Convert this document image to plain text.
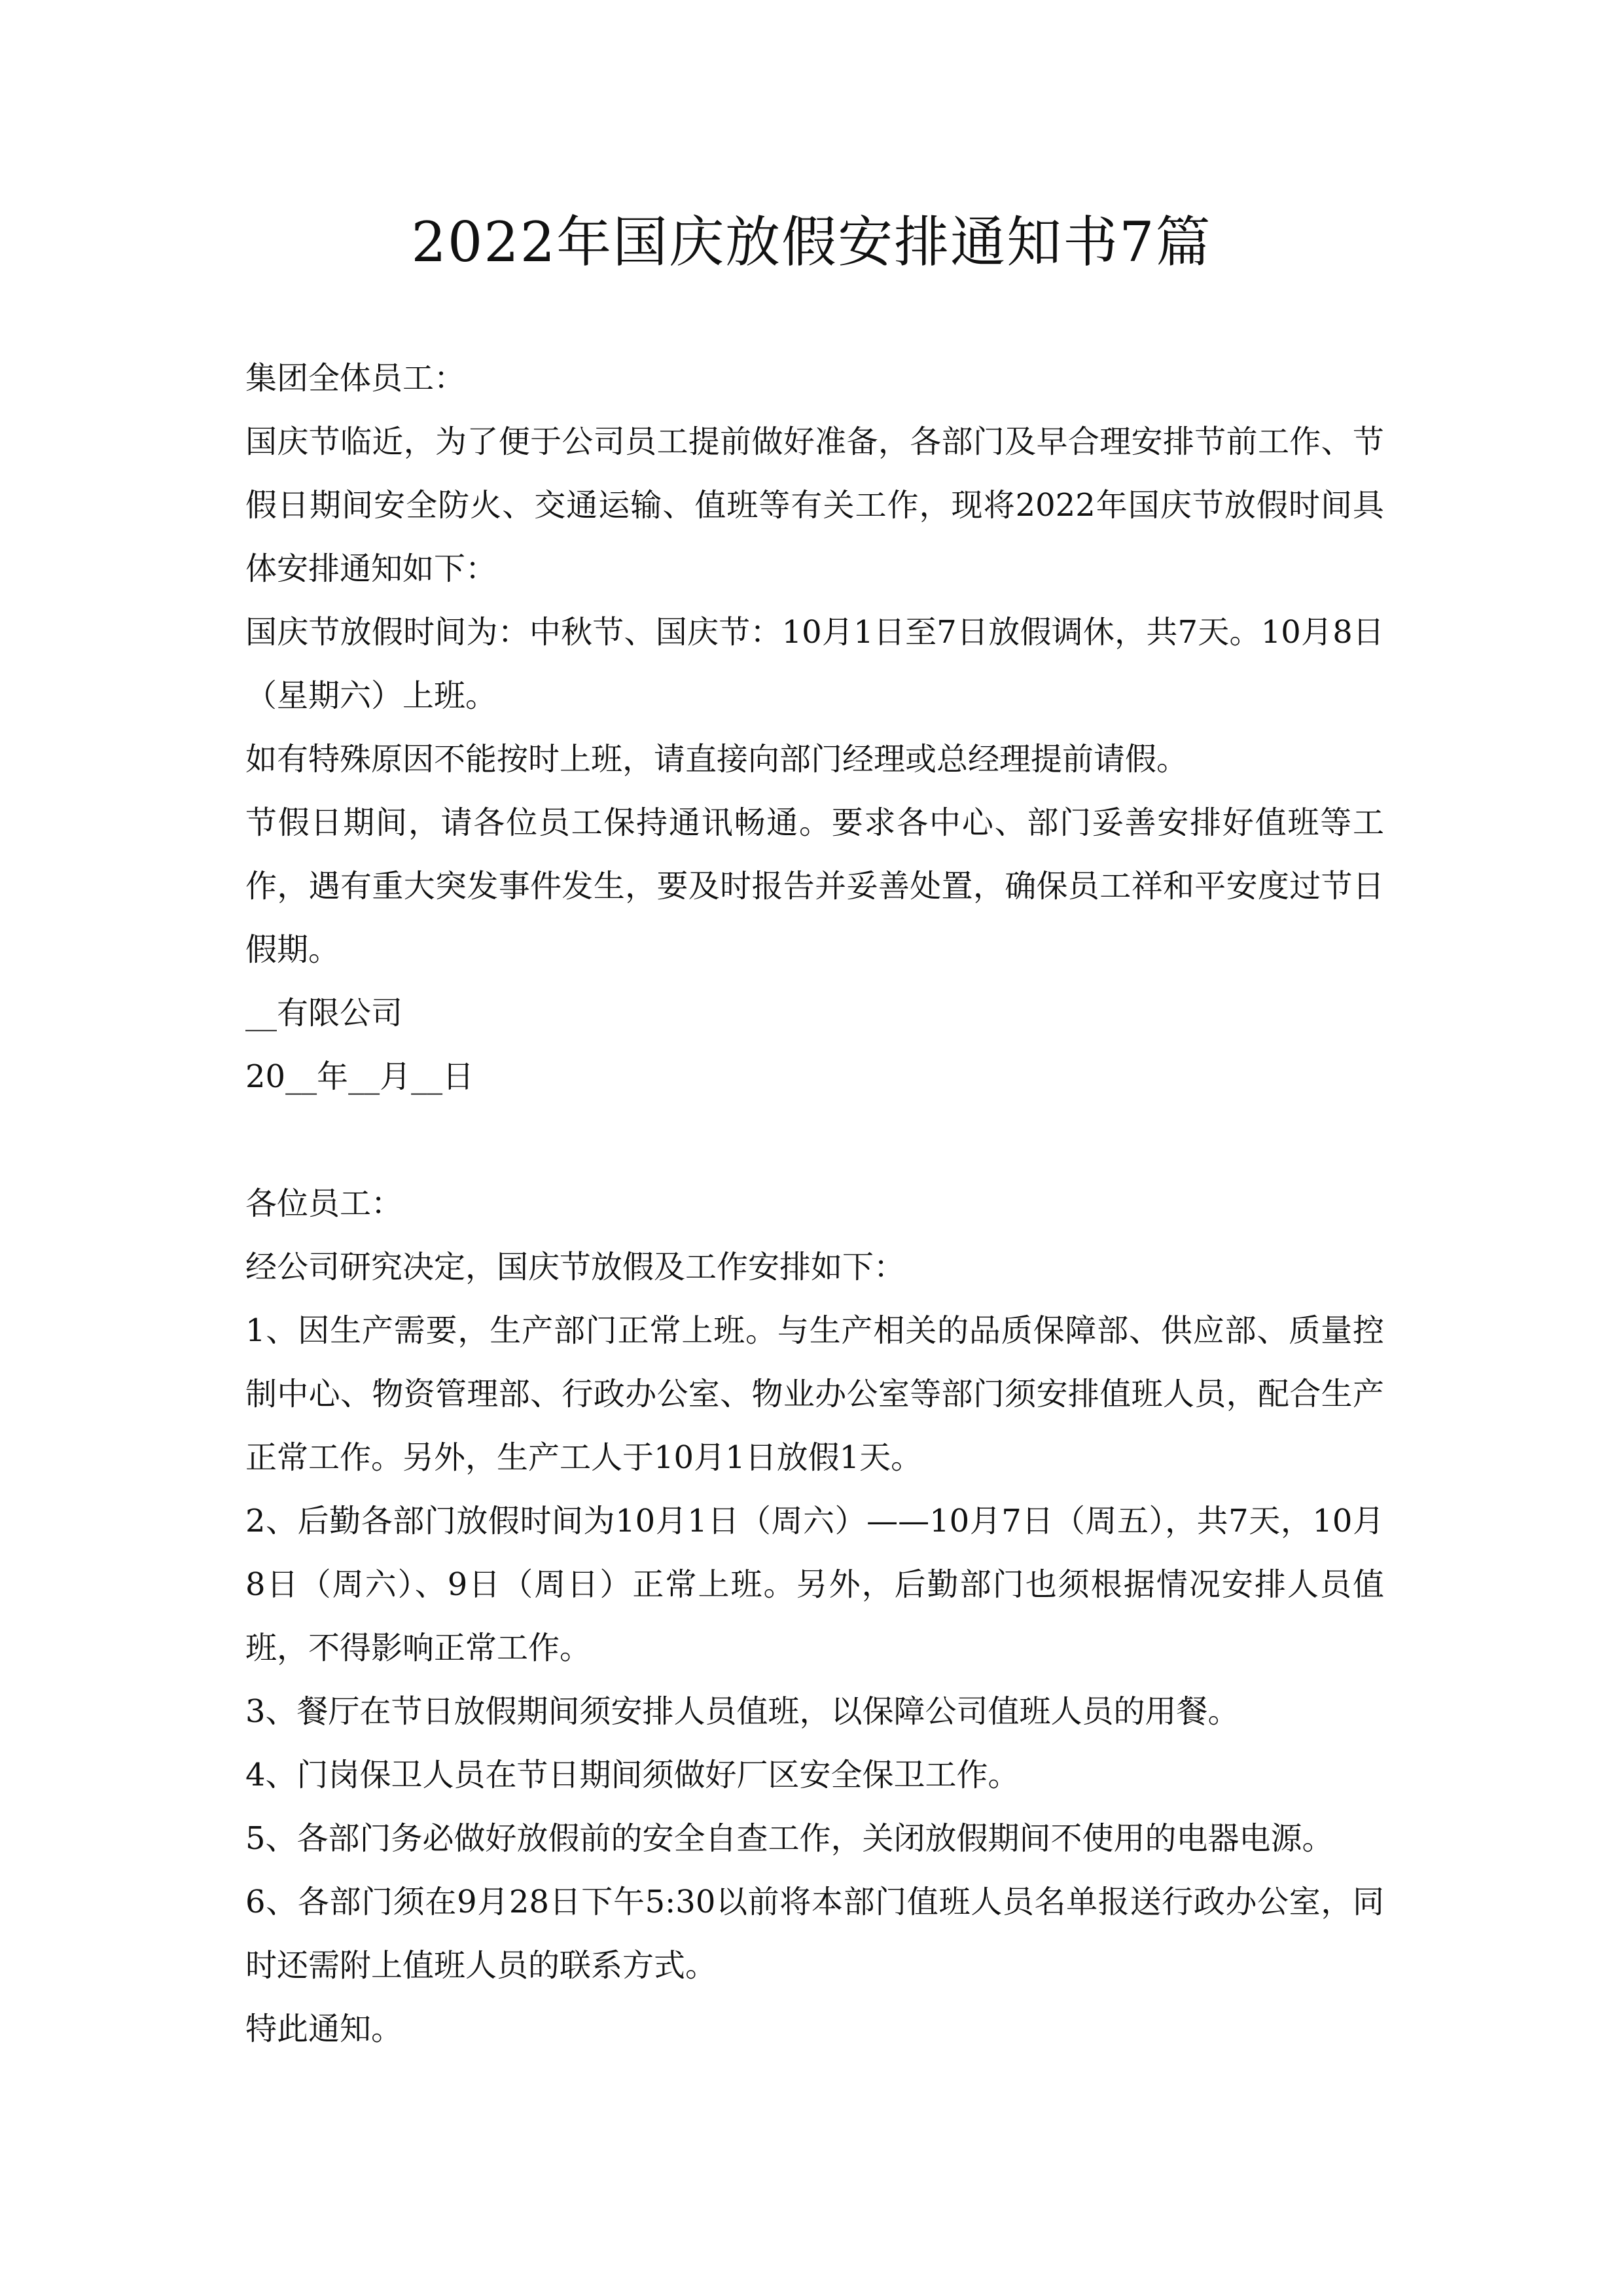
2022年国庆放假安排通知书7篇

集团全体员工：

国庆节临近，为了便于公司员工提前做好准备，各部门及早合理安排节前工作、节假日期间安全防火、交通运输、值班等有关工作，现将2022年国庆节放假时间具体安排通知如下：

国庆节放假时间为：中秋节、国庆节：10月1日至7日放假调休，共7天。10月8日（星期六）上班。

如有特殊原因不能按时上班，请直接向部门经理或总经理提前请假。

节假日期间，请各位员工保持通讯畅通。要求各中心、部门妥善安排好值班等工作，遇有重大突发事件发生，要及时报告并妥善处置，确保员工祥和平安度过节日假期。

__有限公司

20__年__月__日

各位员工：

经公司研究决定，国庆节放假及工作安排如下：

1、因生产需要，生产部门正常上班。与生产相关的品质保障部、供应部、质量控制中心、物资管理部、行政办公室、物业办公室等部门须安排值班人员，配合生产正常工作。另外，生产工人于10月1日放假1天。

2、后勤各部门放假时间为10月1日（周六）——10月7日（周五），共7天，10月8日（周六）、9日（周日）正常上班。另外，后勤部门也须根据情况安排人员值班，不得影响正常工作。

3、餐厅在节日放假期间须安排人员值班，以保障公司值班人员的用餐。

4、门岗保卫人员在节日期间须做好厂区安全保卫工作。

5、各部门务必做好放假前的安全自查工作，关闭放假期间不使用的电器电源。

6、各部门须在9月28日下午5:30以前将本部门值班人员名单报送行政办公室，同时还需附上值班人员的联系方式。

特此通知。
